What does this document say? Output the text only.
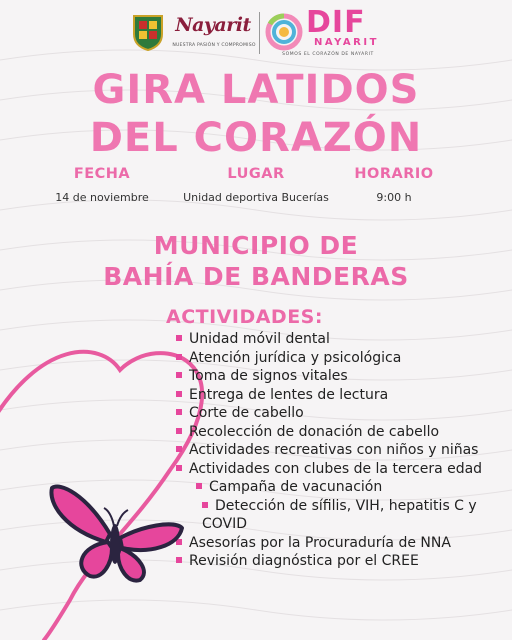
Nayarit
NUESTRA PASIÓN Y COMPROMISO
DIF
NAYARIT
SOMOS EL CORAZÓN DE NAYARIT
GIRA LATIDOS
DEL CORAZÓN
FECHA	LUGAR	HORARIO
14 de noviembre	Unidad deportiva Bucerías	9:00 h
MUNICIPIO DE
BAHÍA DE BANDERAS
ACTIVIDADES:
Unidad móvil dental
Atención jurídica y psicológica
Toma de signos vitales
Entrega de lentes de lectura
Corte de cabello
Recolección de donación de cabello
Actividades recreativas con niños y niñas
Actividades con clubes de la tercera edad
Campaña de vacunación
Detección de sífilis, VIH, hepatitis C y COVID
Asesorías por la Procuraduría de NNA
Revisión diagnóstica por el CREE
